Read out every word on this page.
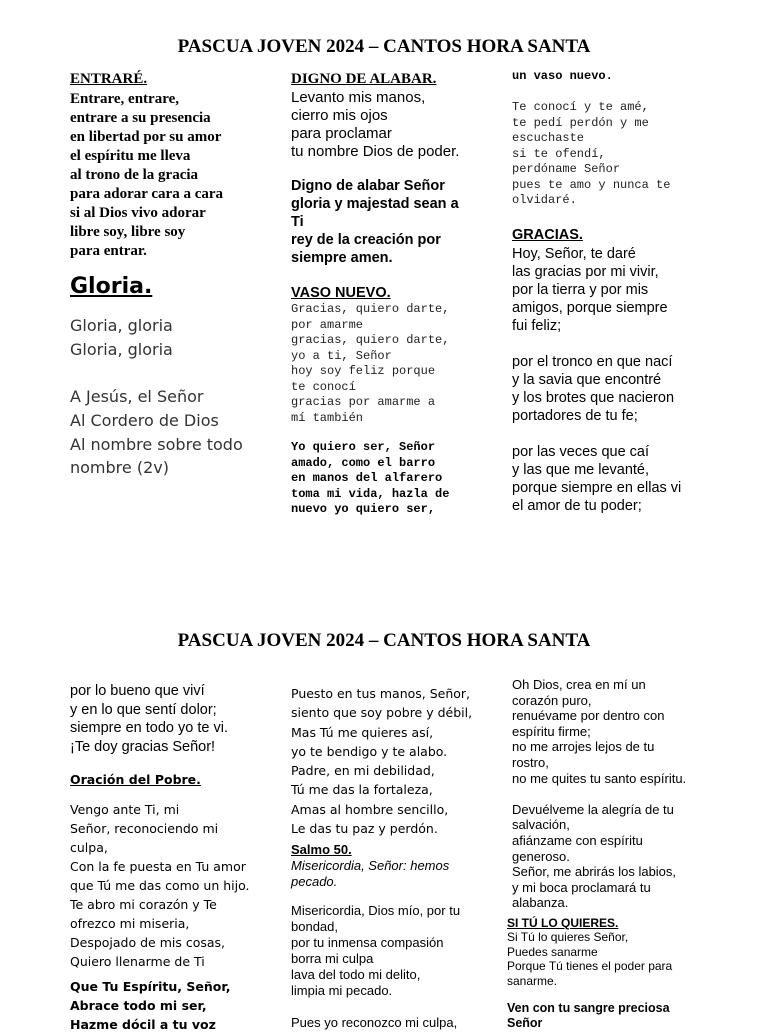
PASCUA JOVEN 2024 – CANTOS HORA SANTA
ENTRARÉ.
Entrare, entrare,
entrare a su presencia
en libertad por su amor
el espíritu me lleva
al trono de la gracia
para adorar cara a cara
si al Dios vivo adorar
libre soy, libre soy
para entrar.
Gloria.
Gloria, gloria
Gloria, gloria

A Jesús, el Señor
Al Cordero de Dios
Al nombre sobre todo
nombre (2v)
DIGNO DE ALABAR.
Levanto mis manos,
cierro mis ojos
para proclamar
tu nombre Dios de poder.
Digno de alabar Señor
gloria y majestad sean a
Ti
rey de la creación por
siempre amen.
VASO NUEVO.
Gracias, quiero darte,
por amarme
gracias, quiero darte,
yo a ti, Señor
hoy soy feliz porque
te conocí
gracias por amarme a
mí también
Yo quiero ser, Señor
amado, como el barro
en manos del alfarero
toma mi vida, hazla de
nuevo yo quiero ser,
un vaso nuevo.
Te conocí y te amé,
te pedí perdón y me
escuchaste
si te ofendí,
perdóname Señor
pues te amo y nunca te
olvidaré.
GRACIAS.
Hoy, Señor, te daré
las gracias por mi vivir,
por la tierra y por mis
amigos, porque siempre
fui feliz;

por el tronco en que nací
y la savia que encontré
y los brotes que nacieron
portadores de tu fe;

por las veces que caí
y las que me levanté,
porque siempre en ellas vi
el amor de tu poder;
PASCUA JOVEN 2024 – CANTOS HORA SANTA
por lo bueno que viví
y en lo que sentí dolor;
siempre en todo yo te vi.
¡Te doy gracias Señor!
Oración del Pobre.
Vengo ante Ti, mi
Señor, reconociendo mi
culpa,
Con la fe puesta en Tu amor
que Tú me das como un hijo.
Te abro mi corazón y Te
ofrezco mi miseria,
Despojado de mis cosas,
Quiero llenarme de Ti
Que Tu Espíritu, Señor,
Abrace todo mi ser,
Hazme dócil a tu voz
Puesto en tus manos, Señor,
siento que soy pobre y débil,
Mas Tú me quieres así,
yo te bendigo y te alabo.
Padre, en mi debilidad,
Tú me das la fortaleza,
Amas al hombre sencillo,
Le das tu paz y perdón.
Salmo 50.
Misericordia, Señor: hemos
pecado.
Misericordia, Dios mío, por tu
bondad,
por tu inmensa compasión
borra mi culpa
lava del todo mi delito,
limpia mi pecado.

Pues yo reconozco mi culpa,
Oh Dios, crea en mí un
corazón puro,
renuévame por dentro con
espíritu firme;
no me arrojes lejos de tu
rostro,
no me quites tu santo espíritu.

Devuélveme la alegría de tu
salvación,
afiánzame con espíritu
generoso.
Señor, me abrirás los labios,
y mi boca proclamará tu
alabanza.
SI TÚ LO QUIERES.
Si Tú lo quieres Señor,
Puedes sanarme
Porque Tú tienes el poder para
sanarme.
Ven con tu sangre preciosa
Señor
